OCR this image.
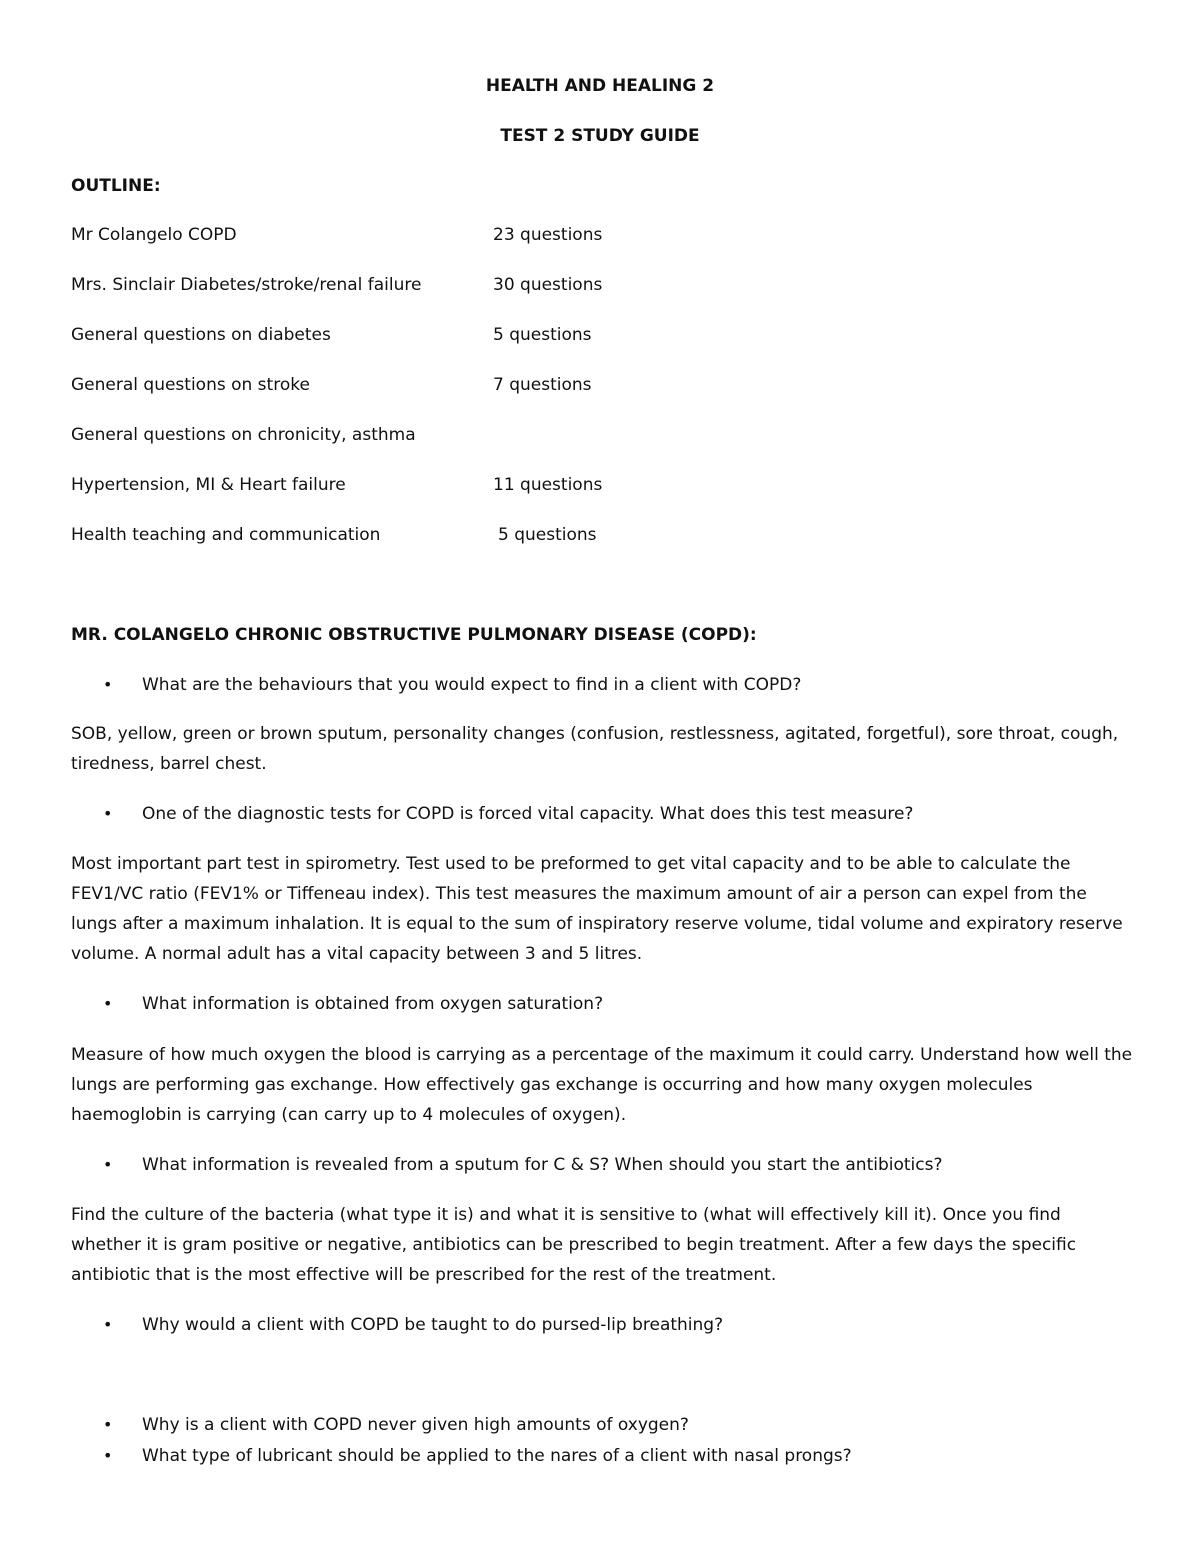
HEALTH AND HEALING 2
TEST 2 STUDY GUIDE
OUTLINE:
Mr Colangelo COPD	23 questions
Mrs. Sinclair Diabetes/stroke/renal failure	30 questions
General questions on diabetes	5 questions
General questions on stroke	7 questions
General questions on chronicity, asthma
Hypertension, MI & Heart failure	11 questions
Health teaching and communication	5 questions
MR. COLANGELO CHRONIC OBSTRUCTIVE PULMONARY DISEASE (COPD):
• What are the behaviours that you would expect to find in a client with COPD?

SOB, yellow, green or brown sputum, personality changes (confusion, restlessness, agitated, forgetful), sore throat, cough, tiredness, barrel chest.

• One of the diagnostic tests for COPD is forced vital capacity. What does this test measure?

Most important part test in spirometry. Test used to be preformed to get vital capacity and to be able to calculate the FEV1/VC ratio (FEV1% or Tiffeneau index). This test measures the maximum amount of air a person can expel from the lungs after a maximum inhalation. It is equal to the sum of inspiratory reserve volume, tidal volume and expiratory reserve volume. A normal adult has a vital capacity between 3 and 5 litres.

• What information is obtained from oxygen saturation?

Measure of how much oxygen the blood is carrying as a percentage of the maximum it could carry. Understand how well the lungs are performing gas exchange. How effectively gas exchange is occurring and how many oxygen molecules haemoglobin is carrying (can carry up to 4 molecules of oxygen).

• What information is revealed from a sputum for C & S? When should you start the antibiotics?

Find the culture of the bacteria (what type it is) and what it is sensitive to (what will effectively kill it). Once you find whether it is gram positive or negative, antibiotics can be prescribed to begin treatment. After a few days the specific antibiotic that is the most effective will be prescribed for the rest of the treatment.

• Why would a client with COPD be taught to do pursed-lip breathing?
• Why is a client with COPD never given high amounts of oxygen?
• What type of lubricant should be applied to the nares of a client with nasal prongs?
